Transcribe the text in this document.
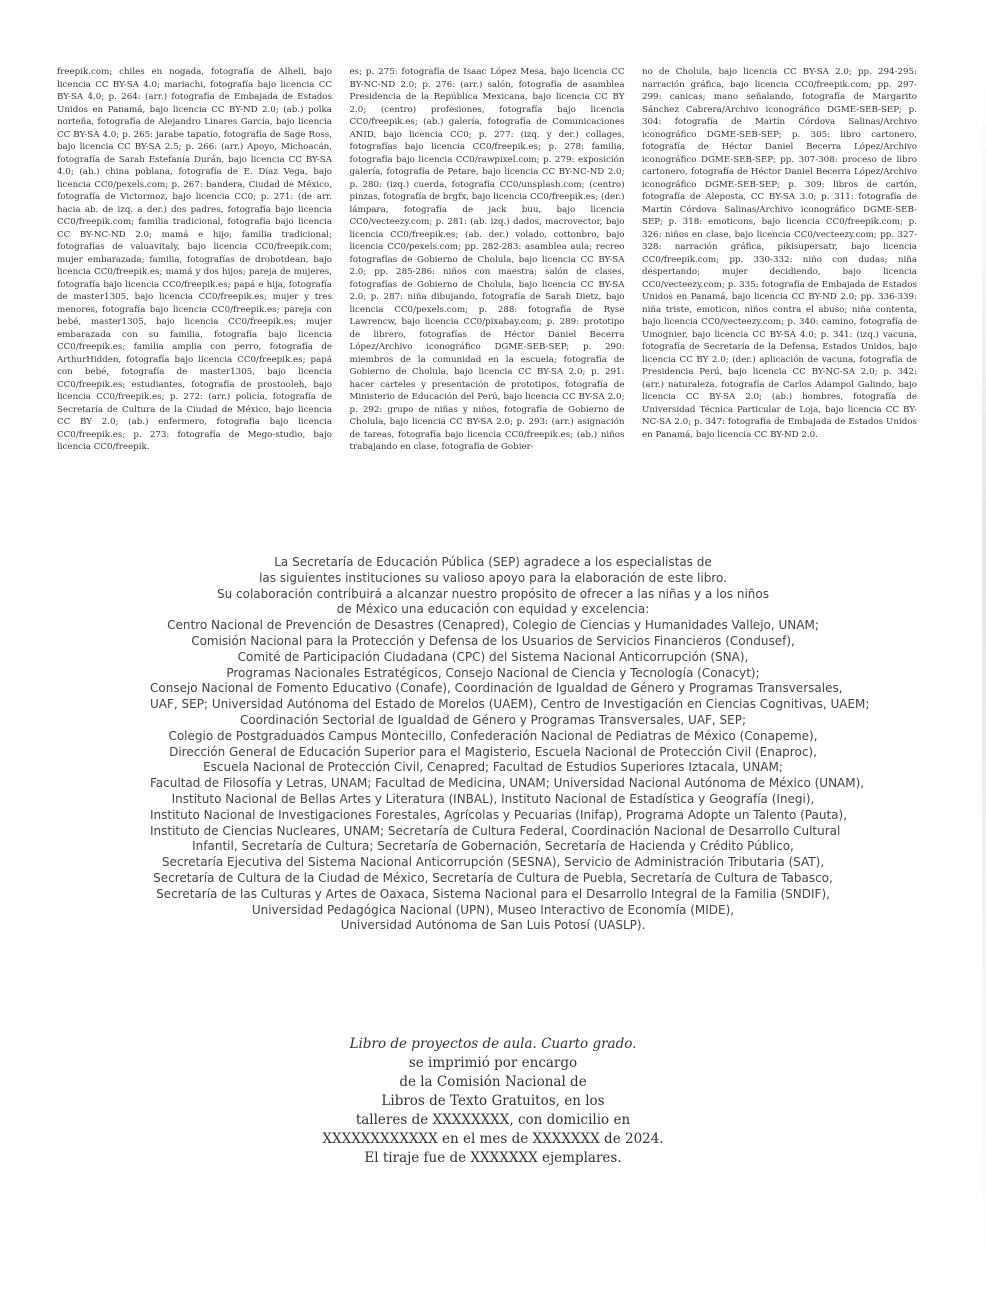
freepik.com; chiles en nogada, fotografía de Alheli, bajo licencia CC BY-SA 4.0; mariachi, fotografía bajo licencia CC BY-SA 4.0; p. 264: (arr.) fotografía de Embajada de Estados Unidos en Panamá, bajo licencia CC BY-ND 2.0; (ab.) polka norteña, fotografía de Alejandro Linares García, bajo licencia CC BY-SA 4.0; p. 265: jarabe tapatío, fotografía de Sage Ross, bajo licencia CC BY-SA 2.5; p. 266: (arr.) Apoyo, Michoacán, fotografía de Sarah Estefanía Durán, bajo licencia CC BY-SA 4.0; (ab.) china poblana, fotografía de E. Díaz Vega, bajo licencia CC0/pexels.com; p. 267: bandera, Ciudad de México, fotografía de Victormoz, bajo licencia CC0; p. 271: (de arr. hacia ab. de izq. a der.) dos padres, fotografía bajo licencia CC0/freepik.com; familia tradicional, fotografía bajo licencia CC BY-NC-ND 2.0; mamá e hijo; familia tradicional; fotografías de valuavitaly, bajo licencia CC0/freepik.com; mujer embarazada; familia, fotografías de drobotdean, bajo licencia CC0/freepik.es; mamá y dos hijos; pareja de mujeres, fotografía bajo licencia CC0/freepik.es; papá e hija, fotografía de master1305, bajo licencia CC0/freepik.es; mujer y tres menores, fotografía bajo licencia CC0/freepik.es; pareja con bebé, master1305, bajo licencia CC0/freepik.es; mujer embarazada con su familia, fotografía bajo licencia CC0/freepik.es; familia amplia con perro, fotografía de ArthurHidden, fotografía bajo licencia CC0/freepik.es; papá con bebé, fotografía de master1305, bajo licencia CC0/freepik.es; estudiantes, fotografía de prostooleh, bajo licencia CC0/freepik.es; p. 272: (arr.) policía, fotografía de Secretaría de Cultura de la Ciudad de México, bajo licencia CC BY 2.0; (ab.) enfermero, fotografía bajo licencia CC0/freepik.es; p. 273: fotografía de Mego-studio, bajo licencia CC0/freepik.
es; p. 275: fotografía de Isaac López Mesa, bajo licencia CC BY-NC-ND 2.0; p. 276: (arr.) salón, fotografía de asamblea Presidencia de la República Mexicana, bajo licencia CC BY 2.0; (centro) profesiones, fotografía bajo licencia CC0/freepik.es; (ab.) galería, fotografía de Comunicaciones ANID, bajo licencia CC0; p. 277: (izq. y der.) collages, fotografías bajo licencia CC0/freepik.es; p. 278: familia, fotografía bajo licencia CC0/rawpixel.com; p. 279: exposición galería, fotografía de Petare, bajo licencia CC BY-NC-ND 2.0; p. 280: (izq.) cuerda, fotografía CC0/unsplash.com; (centro) pinzas, fotografía de brgfx, bajo licencia CC0/freepik.es; (der.) lámpara, fotografía de jack buu, bajo licencia CC0/vecteezy.com; p. 281: (ab. izq.) dados, macrovector, bajo licencia CC0/freepik.es; (ab. der.) volado, cottonbro, bajo licencia CC0/pexels.com; pp. 282-283: asamblea aula; recreo fotografías de Gobierno de Cholula, bajo licencia CC BY-SA 2.0; pp. 285-286: niños con maestra; salón de clases, fotografías de Gobierno de Cholula, bajo licencia CC BY-SA 2.0; p. 287: niña dibujando, fotografía de Sarah Dietz, bajo licencia CC0/pexels.com; p. 288: fotografía de Ryse Lawrencw, bajo licencia CC0/pixabay.com; p. 289: prototipo de librero, fotografías de Héctor Daniel Becerra López/Archivo iconográfico DGME-SEB-SEP; p. 290: miembros de la comunidad en la escuela; fotografía de Gobierno de Cholula, bajo licencia CC BY-SA 2.0; p. 291: hacer carteles y presentación de prototipos, fotografía de Ministerio de Educación del Perú, bajo licencia CC BY-SA 2.0; p. 292: grupo de niñas y niños, fotografía de Gobierno de Cholula, bajo licencia CC BY-SA 2.0; p. 293: (arr.) asignación de tareas, fotografía bajo licencia CC0/freepik.es; (ab.) niños trabajando en clase, fotografía de Gobier-
no de Cholula, bajo licencia CC BY-SA 2.0; pp. 294-295: narración gráfica, bajo licencia CC0/freepik.com; pp. 297-299: canicas; mano señalando, fotografía de Margarito Sánchez Cabrera/Archivo iconográfico DGME-SEB-SEP; p. 304: fotografía de Martín Córdova Salinas/Archivo iconográfico DGME-SEB-SEP; p. 305: libro cartonero, fotografía de Héctor Daniel Becerra López/Archivo iconográfico DGME-SEB-SEP; pp. 307-308: proceso de libro cartonero, fotografía de Héctor Daniel Becerra López/Archivo iconográfico DGME-SEB-SEP; p. 309: libros de cartón, fotografía de Aleposta, CC BY-SA 3.0; p. 311: fotografía de Martín Córdova Salinas/Archivo iconográfico DGME-SEB-SEP; p. 318: emoticons, bajo licencia CC0/freepik.com; p. 326: niños en clase, bajo licencia CC0/vecteezy.com; pp. 327-328: narración gráfica, pikisupersatr, bajo licencia CC0/freepik.com; pp. 330-332: niño con dudas; niña despertando; mujer decidiendo, bajo licencia CC0/vecteezy.com; p. 335: fotografía de Embajada de Estados Unidos en Panamá, bajo licencia CC BY-ND 2.0; pp. 336-339: niña triste, emoticon, niños contra el abuso; niña contenta, bajo licencia CC0/vecteezy.com; p. 340: camino, fotografía de Umognier, bajo licencia CC BY-SA 4.0; p. 341: (izq.) vacuna, fotografía de Secretaría de la Defensa, Estados Unidos, bajo licencia CC BY 2.0; (der.) aplicación de vacuna, fotografía de Presidencia Perú, bajo licencia CC BY-NC-SA 2.0; p. 342: (arr.) naturaleza, fotografía de Carlos Adampol Galindo, bajo licencia CC BY-SA 2.0; (ab.) hombres, fotografía de Universidad Técnica Particular de Loja, bajo licencia CC BY-NC-SA 2.0; p. 347: fotografía de Embajada de Estados Unidos en Panamá, bajo licencia CC BY-ND 2.0.
La Secretaría de Educación Pública (SEP) agradece a los especialistas de
las siguientes instituciones su valioso apoyo para la elaboración de este libro.
Su colaboración contribuirá a alcanzar nuestro propósito de ofrecer a las niñas y a los niños
de México una educación con equidad y excelencia:
Centro Nacional de Prevención de Desastres (Cenapred), Colegio de Ciencias y Humanidades Vallejo, UNAM;
Comisión Nacional para la Protección y Defensa de los Usuarios de Servicios Financieros (Condusef),
Comité de Participación Ciudadana (CPC) del Sistema Nacional Anticorrupción (SNA),
Programas Nacionales Estratégicos, Consejo Nacional de Ciencia y Tecnología (Conacyt);
Consejo Nacional de Fomento Educativo (Conafe), Coordinación de Igualdad de Género y Programas Transversales,
UAF, SEP; Universidad Autónoma del Estado de Morelos (UAEM), Centro de Investigación en Ciencias Cognitivas, UAEM;
Coordinación Sectorial de Igualdad de Género y Programas Transversales, UAF, SEP;
Colegio de Postgraduados Campus Montecillo, Confederación Nacional de Pediatras de México (Conapeme),
Dirección General de Educación Superior para el Magisterio, Escuela Nacional de Protección Civil (Enaproc),
Escuela Nacional de Protección Civil, Cenapred; Facultad de Estudios Superiores Iztacala, UNAM;
Facultad de Filosofía y Letras, UNAM; Facultad de Medicina, UNAM; Universidad Nacional Autónoma de México (UNAM),
Instituto Nacional de Bellas Artes y Literatura (INBAL), Instituto Nacional de Estadística y Geografía (Inegi),
Instituto Nacional de Investigaciones Forestales, Agrícolas y Pecuarias (Inifap), Programa Adopte un Talento (Pauta),
Instituto de Ciencias Nucleares, UNAM; Secretaría de Cultura Federal, Coordinación Nacional de Desarrollo Cultural
Infantil, Secretaría de Cultura; Secretaría de Gobernación, Secretaría de Hacienda y Crédito Público,
Secretaría Ejecutiva del Sistema Nacional Anticorrupción (SESNA), Servicio de Administración Tributaria (SAT),
Secretaría de Cultura de la Ciudad de México, Secretaría de Cultura de Puebla, Secretaría de Cultura de Tabasco,
Secretaría de las Culturas y Artes de Oaxaca, Sistema Nacional para el Desarrollo Integral de la Familia (SNDIF),
Universidad Pedagógica Nacional (UPN), Museo Interactivo de Economía (MIDE),
Universidad Autónoma de San Luis Potosí (UASLP).
Libro de proyectos de aula. Cuarto grado.
se imprimió por encargo
de la Comisión Nacional de
Libros de Texto Gratuitos, en los
talleres de XXXXXXXX, con domicilio en
XXXXXXXXXXXX en el mes de XXXXXXX de 2024.
El tiraje fue de XXXXXXX ejemplares.
